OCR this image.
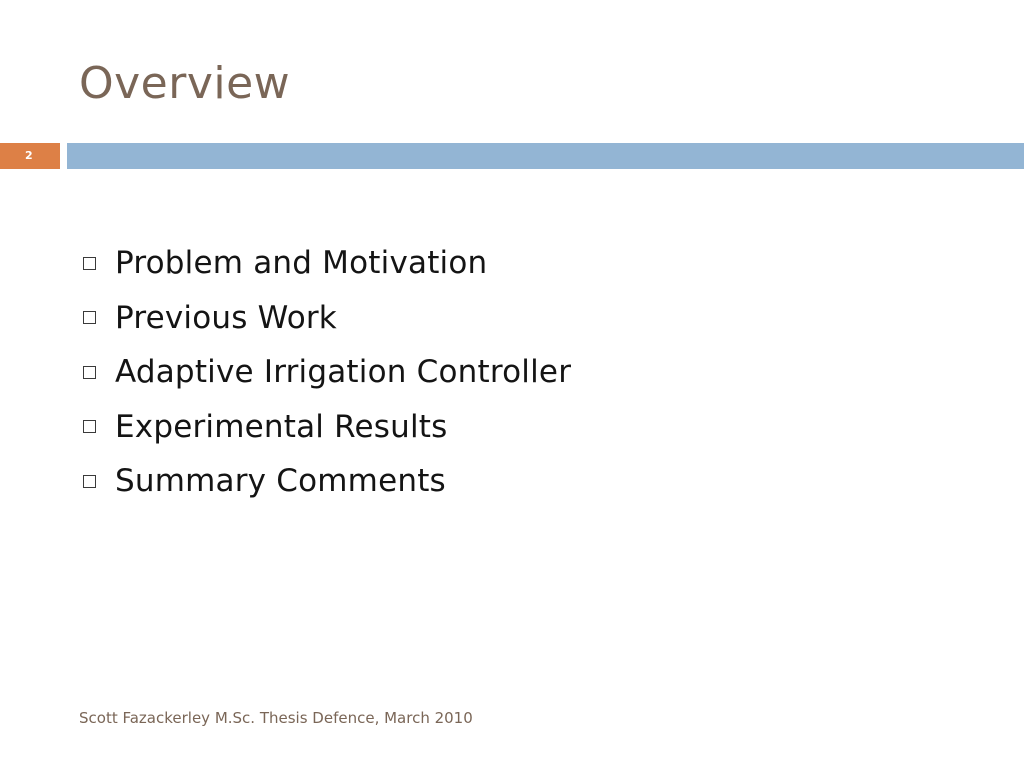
Overview
2
Problem and Motivation
Previous Work
Adaptive Irrigation Controller
Experimental Results
Summary Comments
Scott Fazackerley M.Sc. Thesis Defence, March 2010
